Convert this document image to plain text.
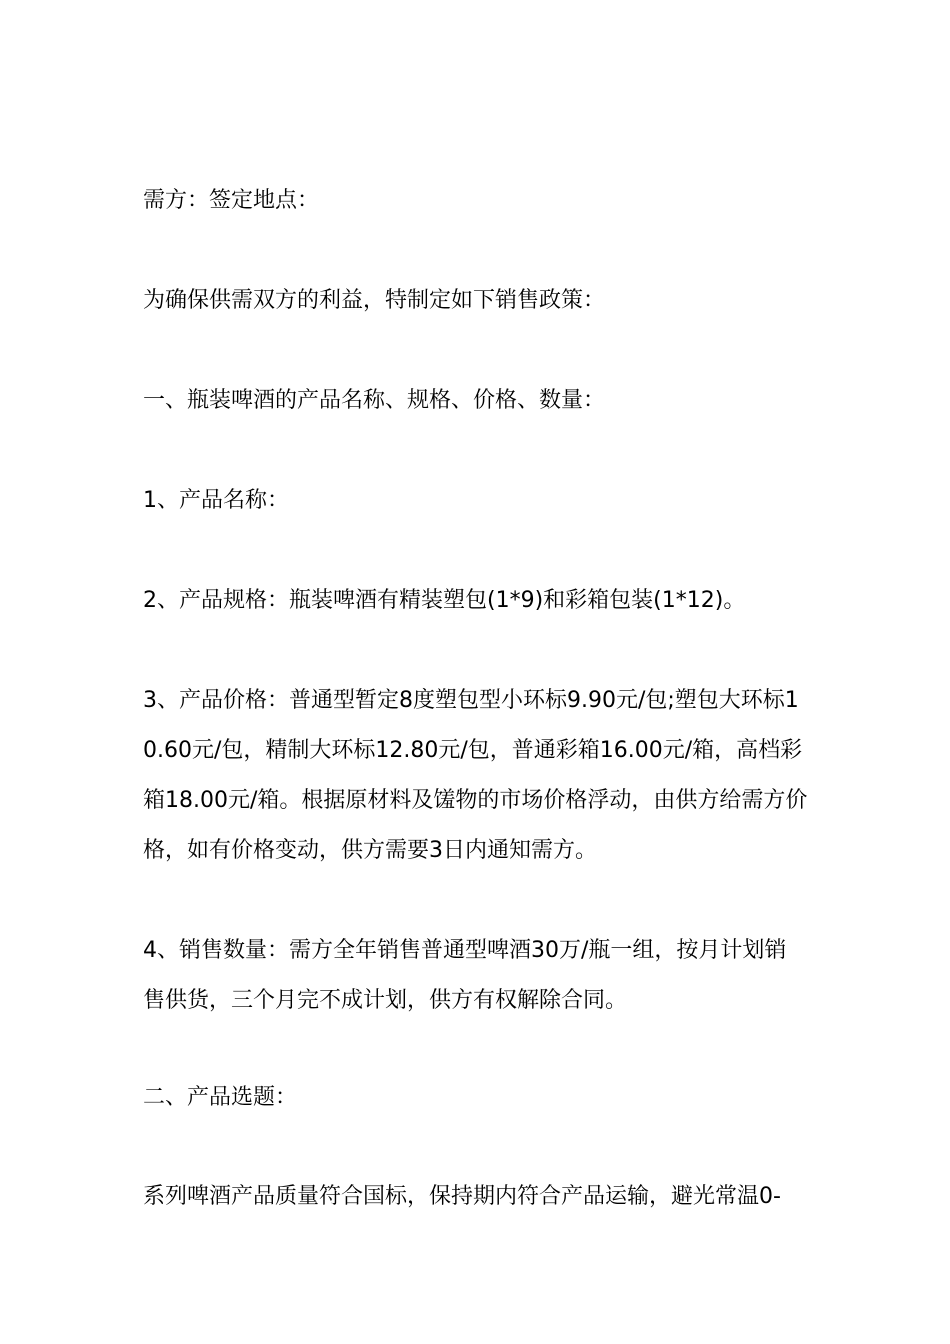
需方：签定地点：

为确保供需双方的利益，特制定如下销售政策：

一、瓶装啤酒的产品名称、规格、价格、数量：

1、产品名称：

2、产品规格：瓶装啤酒有精装塑包(1*9)和彩箱包装(1*12)。

3、产品价格：普通型暂定8度塑包型小环标9.90元/包;塑包大环标10.60元/包，精制大环标12.80元/包，普通彩箱16.00元/箱，高档彩箱18.00元/箱。根据原材料及馐物的市场价格浮动，由供方给需方价格，如有价格变动，供方需要3日内通知需方。

4、销售数量：需方全年销售普通型啤酒30万/瓶一组，按月计划销售供货，三个月完不成计划，供方有权解除合同。

二、产品选题：

系列啤酒产品质量符合国标，保持期内符合产品运输，避光常温0-
